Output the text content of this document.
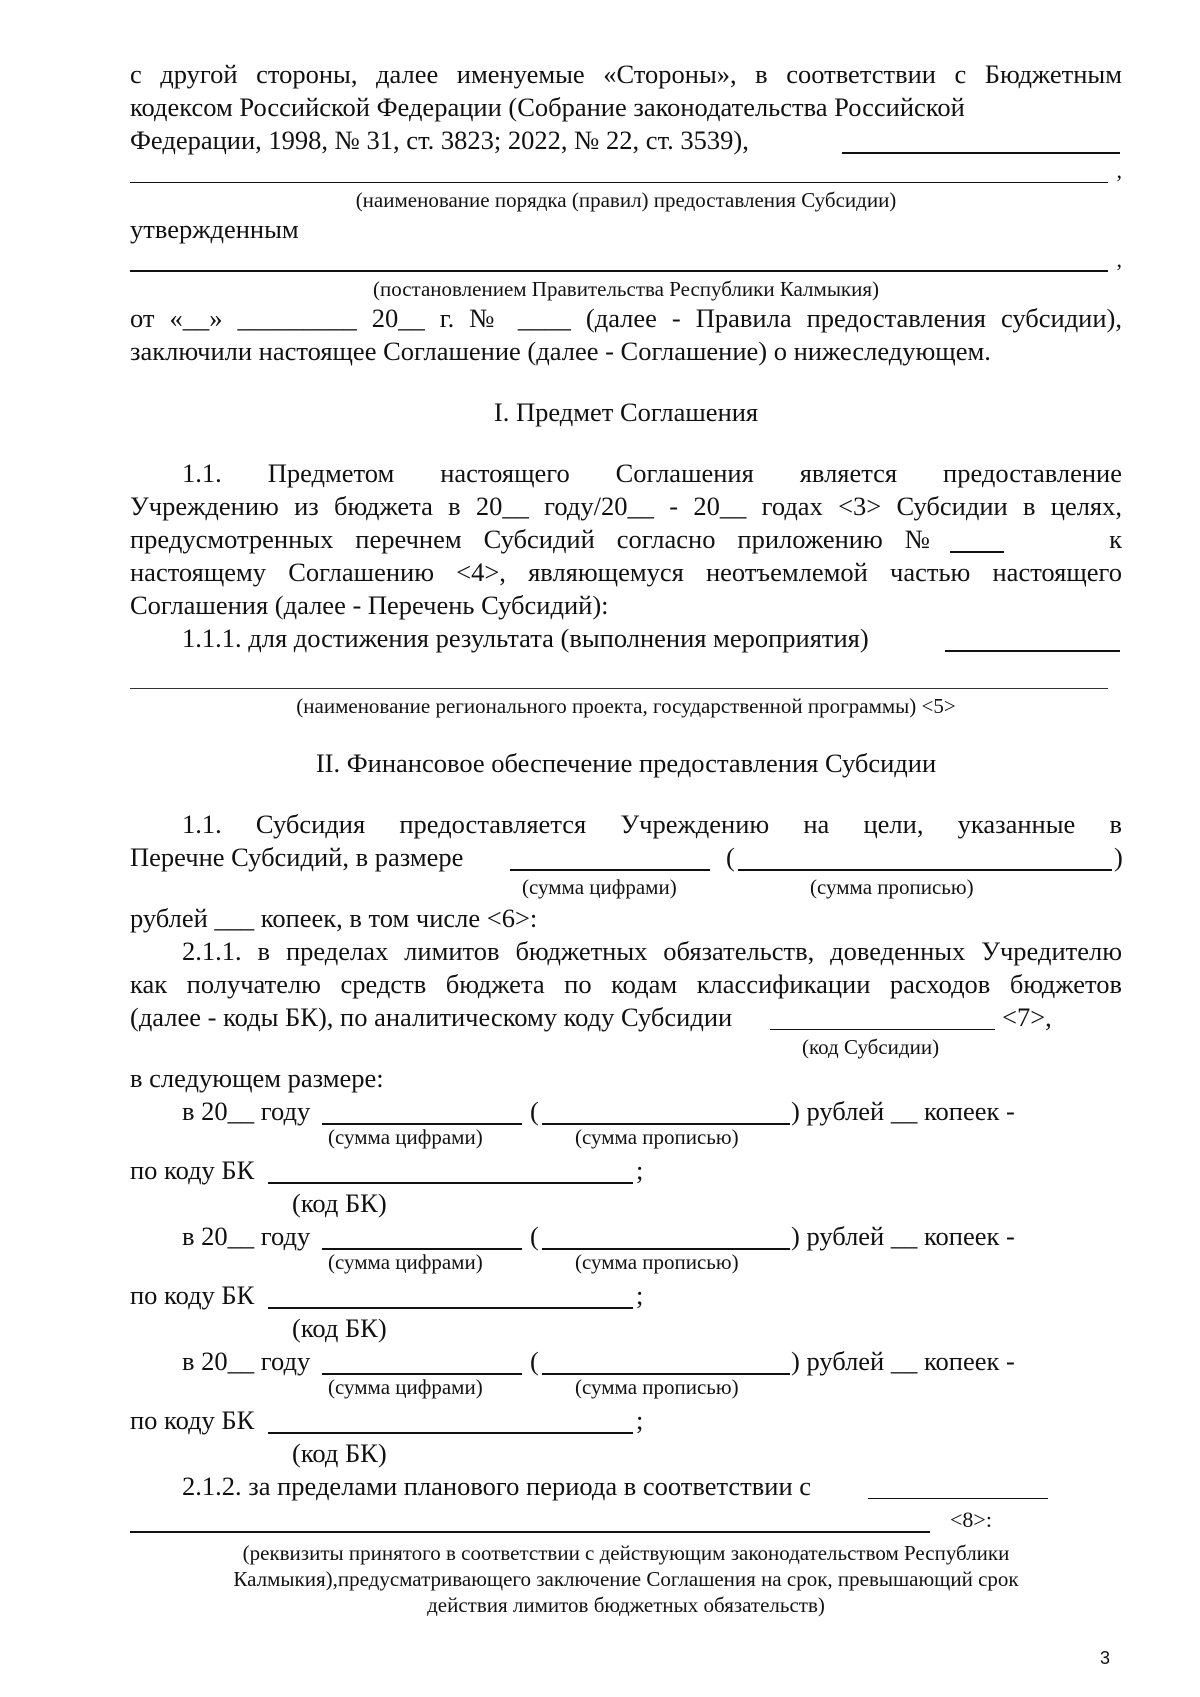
с другой стороны, далее именуемые «Стороны», в соответствии с Бюджетным

кодексом Российской Федерации (Собрание законодательства Российской

Федерации, 1998, № 31, ст. 3823; 2022, № 22, ст. 3539),
,
(наименование порядка (правил) предоставления Субсидии)

утвержденным

,
(постановлением Правительства Республики Калмыкия)

от «__» _________ 20__ г. № ____ (далее - Правила предоставления субсидии),

заключили настоящее Соглашение (далее - Соглашение) о нижеследующем.

I. Предмет Соглашения

1.1. Предметом настоящего Соглашения является предоставление

Учреждению из бюджета в 20__ году/20__ - 20__ годах <3> Субсидии в целях,

предусмотренных перечнем Субсидий согласно приложению №	к

настоящему Соглашению <4>, являющемуся неотъемлемой частью настоящего

Соглашения (далее - Перечень Субсидий):

1.1.1. для достижения результата (выполнения мероприятия)
(наименование регионального проекта, государственной программы) <5>
II. Финансовое обеспечение предоставления Субсидии

1.1. Субсидия предоставляется Учреждению на цели, указанные в

Перечне Субсидий, в размере	(	)
(сумма цифрами)	(сумма прописью)

рублей ___ копеек, в том числе <6>:

2.1.1. в пределах лимитов бюджетных обязательств, доведенных Учредителю

как получателю средств бюджета по кодам классификации расходов бюджетов

(далее - коды БК), по аналитическому коду Субсидии	<7>,
(код Субсидии)

в следующем размере:

в 20__ году	(	) рублей __ копеек -
(сумма цифрами)	(сумма прописью)
по коду БК	;
(код БК)
в 20__ году	(	) рублей __ копеек -
(сумма цифрами)	(сумма прописью)
по коду БК	;
(код БК)
в 20__ году	(	) рублей __ копеек -
(сумма цифрами)	(сумма прописью)
по коду БК	;
(код БК)
2.1.2. за пределами планового периода в соответствии с
<8>:
(реквизиты принятого в соответствии с действующим законодательством Республики
Калмыкия),предусматривающего заключение Соглашения на срок, превышающий срок
действия лимитов бюджетных обязательств)
3
